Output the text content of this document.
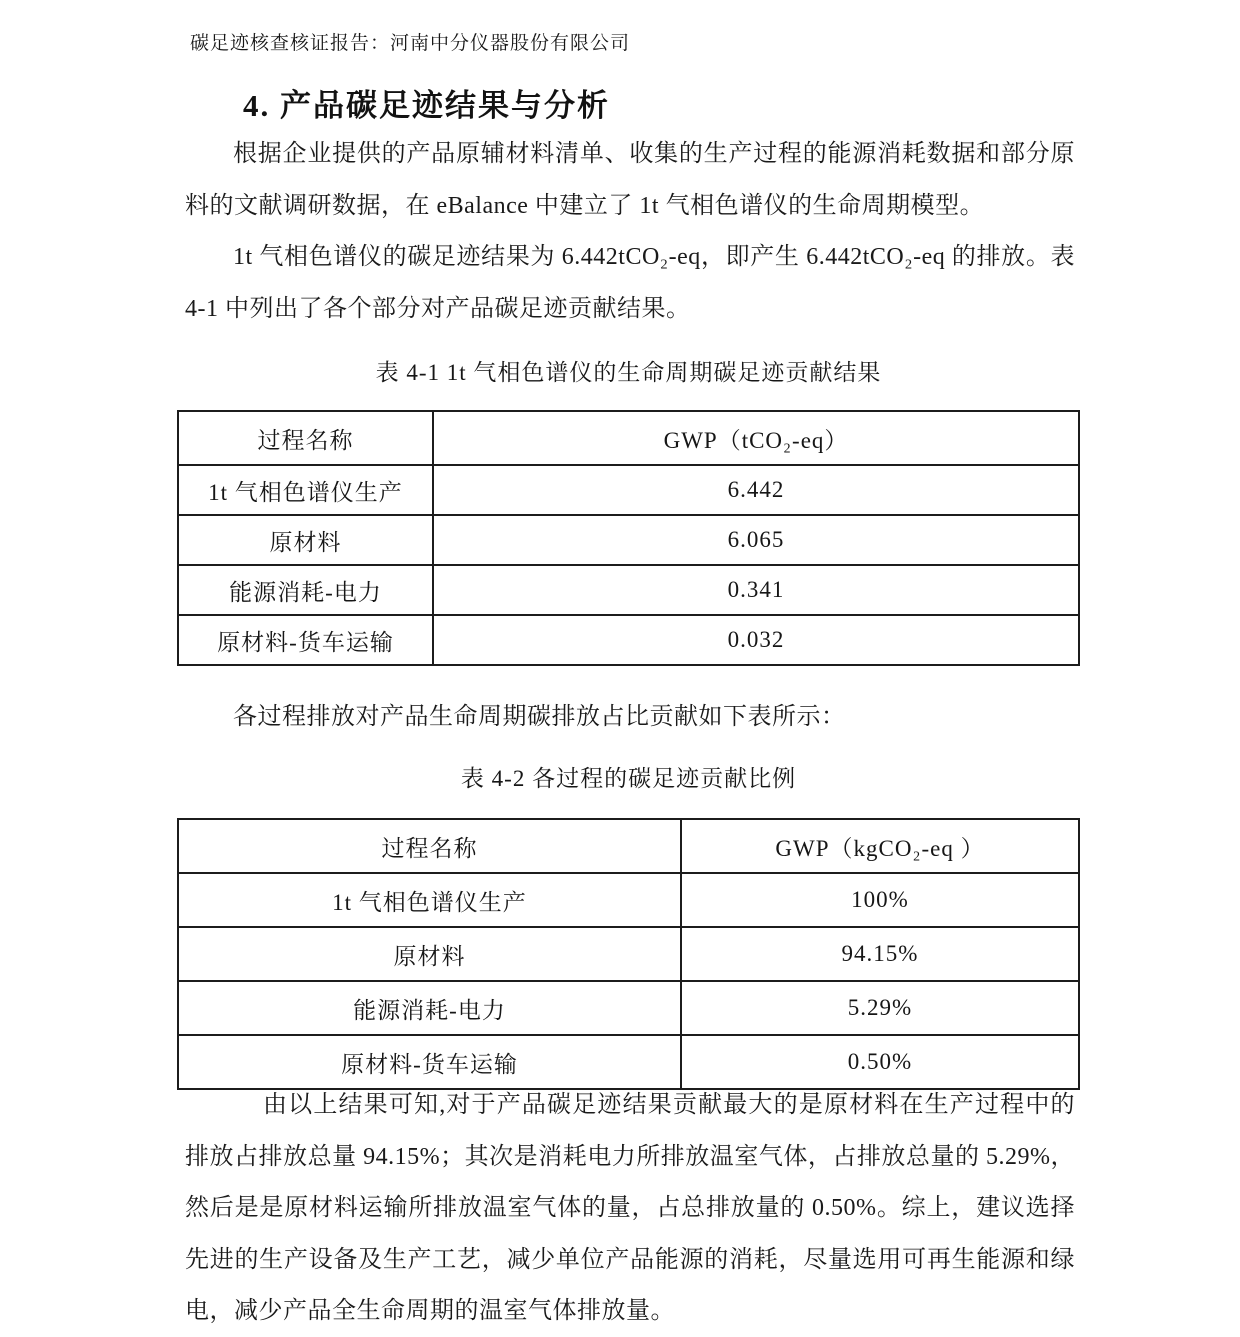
碳足迹核查核证报告：河南中分仪器股份有限公司
4. 产品碳足迹结果与分析

根据企业提供的产品原辅材料清单、收集的生产过程的能源消耗数据和部分原料的文献调研数据，在 eBalance 中建立了 1t 气相色谱仪的生命周期模型。

1t 气相色谱仪的碳足迹结果为 6.442tCO₂-eq，即产生 6.442tCO₂-eq 的排放。表 4-1 中列出了各个部分对产品碳足迹贡献结果。

表 4-1 1t 气相色谱仪的生命周期碳足迹贡献结果
过程名称	GWP（tCO₂-eq）
1t 气相色谱仪生产	6.442
原材料	6.065
能源消耗-电力	0.341
原材料-货车运输	0.032

各过程排放对产品生命周期碳排放占比贡献如下表所示：

表 4-2 各过程的碳足迹贡献比例
过程名称	GWP（kgCO₂-eq ）
1t 气相色谱仪生产	100%
原材料	94.15%
能源消耗-电力	5.29%
原材料-货车运输	0.50%

由以上结果可知,对于产品碳足迹结果贡献最大的是原材料在生产过程中的排放占排放总量 94.15%；其次是消耗电力所排放温室气体，占排放总量的 5.29%，然后是是原材料运输所排放温室气体的量，占总排放量的 0.50%。综上，建议选择先进的生产设备及生产工艺，减少单位产品能源的消耗，尽量选用可再生能源和绿电，减少产品全生命周期的温室气体排放量。
